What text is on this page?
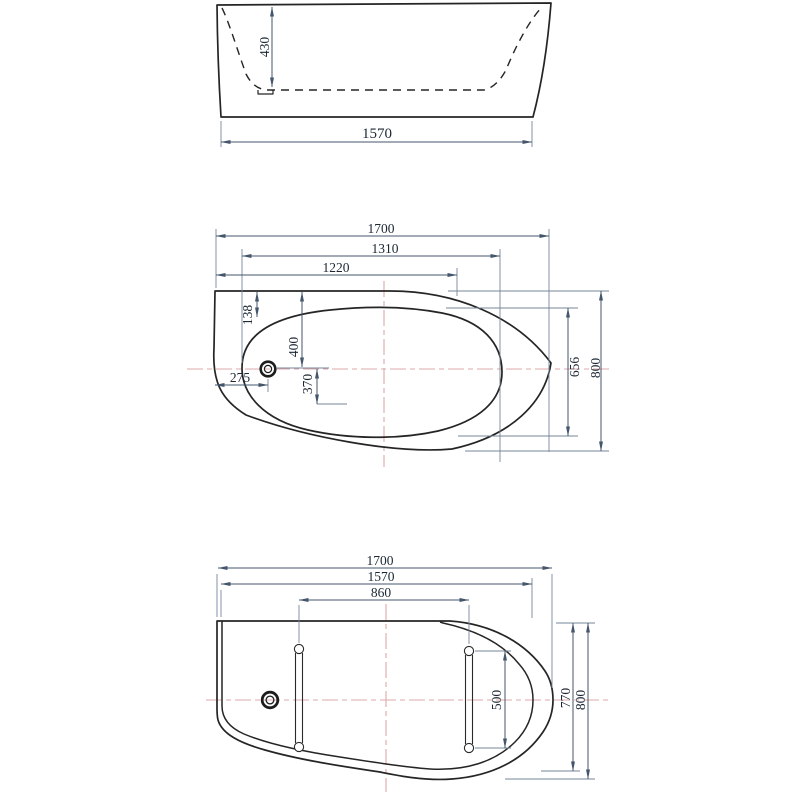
430
1570
1700
1310
1220
138
400
370
275
656 800
1700
1570
860
500	770 800
